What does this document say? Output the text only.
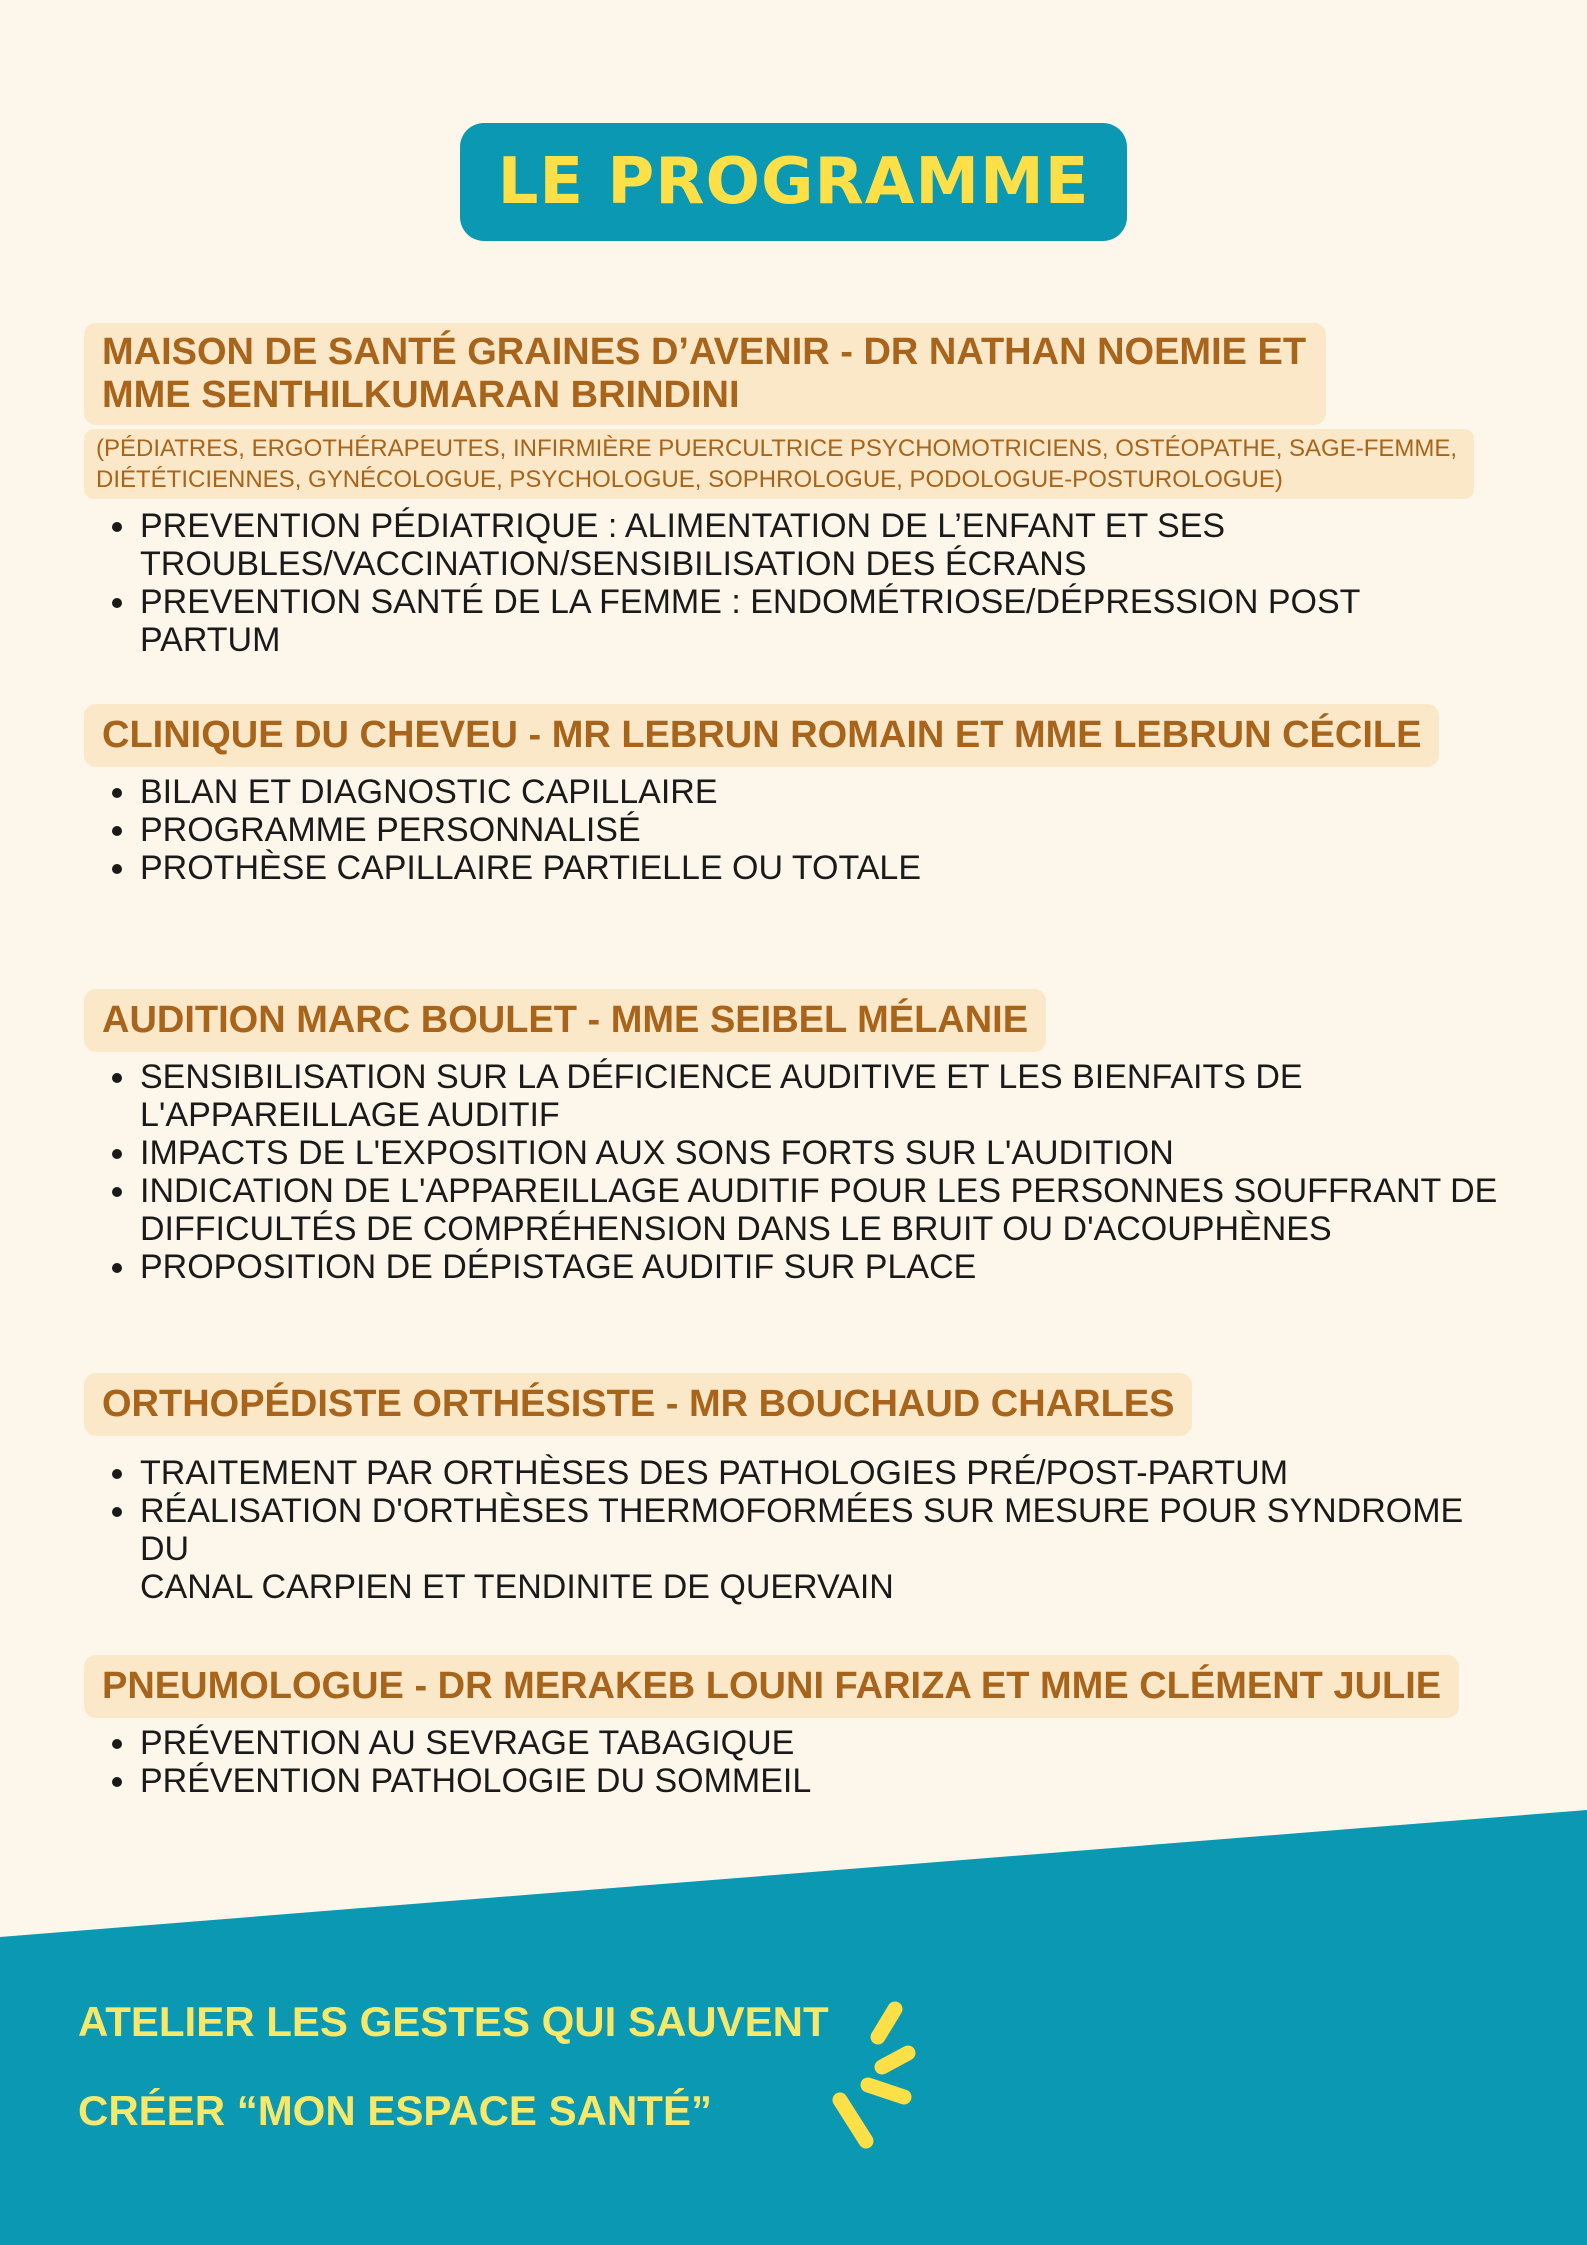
LE PROGRAMME
MAISON DE SANTÉ GRAINES D’AVENIR - DR NATHAN NOEMIE ET
MME SENTHILKUMARAN BRINDINI
(PÉDIATRES, ERGOTHÉRAPEUTES, INFIRMIÈRE PUERCULTRICE PSYCHOMOTRICIENS, OSTÉOPATHE, SAGE-FEMME,
DIÉTÉTICIENNES, GYNÉCOLOGUE, PSYCHOLOGUE, SOPHROLOGUE, PODOLOGUE-POSTUROLOGUE)
PREVENTION PÉDIATRIQUE : ALIMENTATION DE L’ENFANT ET SES
TROUBLES/VACCINATION/SENSIBILISATION DES ÉCRANS
PREVENTION SANTÉ DE LA FEMME : ENDOMÉTRIOSE/DÉPRESSION POST PARTUM
CLINIQUE DU CHEVEU - MR LEBRUN ROMAIN ET MME LEBRUN CÉCILE
BILAN ET DIAGNOSTIC CAPILLAIRE
PROGRAMME PERSONNALISÉ
PROTHÈSE CAPILLAIRE PARTIELLE OU TOTALE
AUDITION MARC BOULET - MME SEIBEL MÉLANIE
SENSIBILISATION SUR LA DÉFICIENCE AUDITIVE ET LES BIENFAITS DE
L'APPAREILLAGE AUDITIF
IMPACTS DE L'EXPOSITION AUX SONS FORTS SUR L'AUDITION
INDICATION DE L'APPAREILLAGE AUDITIF POUR LES PERSONNES SOUFFRANT DE
DIFFICULTÉS DE COMPRÉHENSION DANS LE BRUIT OU D'ACOUPHÈNES
PROPOSITION DE DÉPISTAGE AUDITIF SUR PLACE
ORTHOPÉDISTE ORTHÉSISTE - MR BOUCHAUD CHARLES
TRAITEMENT PAR ORTHÈSES DES PATHOLOGIES PRÉ/POST-PARTUM
RÉALISATION D'ORTHÈSES THERMOFORMÉES SUR MESURE POUR SYNDROME DU
CANAL CARPIEN ET TENDINITE DE QUERVAIN
PNEUMOLOGUE - DR MERAKEB LOUNI FARIZA ET MME CLÉMENT JULIE
PRÉVENTION AU SEVRAGE TABAGIQUE
PRÉVENTION PATHOLOGIE DU SOMMEIL
ATELIER LES GESTES QUI SAUVENT
CRÉER “MON ESPACE SANTÉ”
